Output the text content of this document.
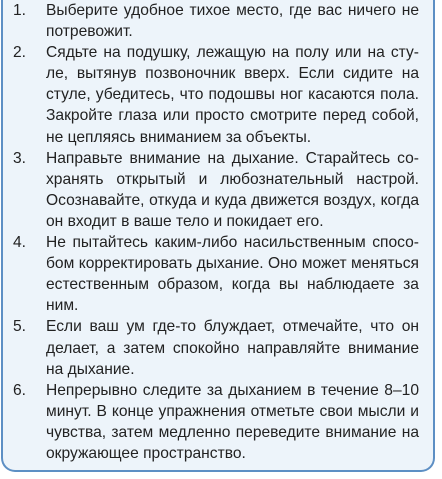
1.	Выберите удобное тихое место, где вас ничего не потревожит.
2.	Сядьте на подушку, лежащую на полу или на стуле, вытянув позвоночник вверх. Если сидите на стуле, убедитесь, что подошвы ног касаются пола. Закройте глаза или просто смотрите перед собой, не цепляясь вниманием за объекты.
3.	Направьте внимание на дыхание. Старайтесь сохранять открытый и любознательный настрой. Осознавайте, откуда и куда движется воздух, когда он входит в ваше тело и покидает его.
4.	Не пытайтесь каким-либо насильственным способом корректировать дыхание. Оно может меняться естественным образом, когда вы наблюдаете за ним.
5.	Если ваш ум где-то блуждает, отмечайте, что он делает, а затем спокойно направляйте внимание на дыхание.
6.	Непрерывно следите за дыханием в течение 8–10 минут. В конце упражнения отметьте свои мысли и чувства, затем медленно переведите внимание на окружающее пространство.
